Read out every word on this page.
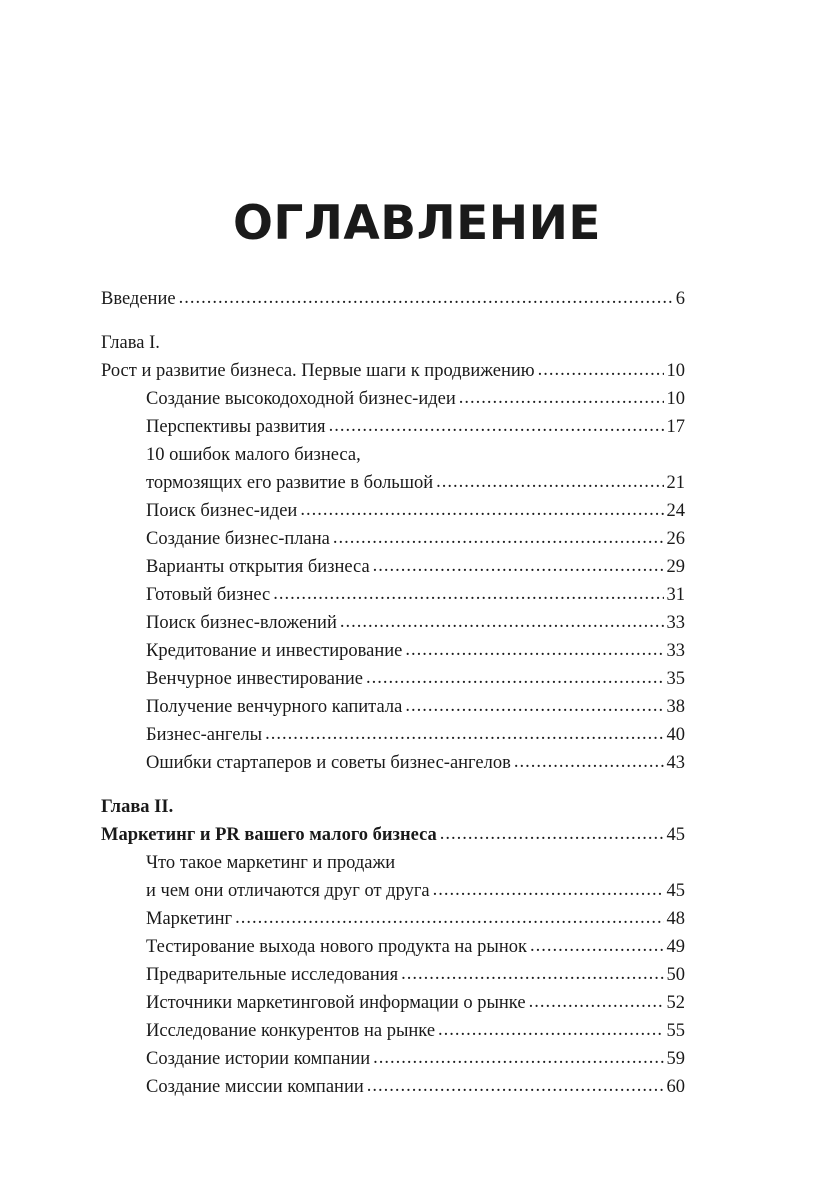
ОГЛАВЛЕНИЕ
Введение .....	6
Глава I.
Рост и развитие бизнеса. Первые шаги к продвижению .....	10
Создание высокодоходной бизнес-идеи .....	10
Перспективы развития .....	17
10 ошибок малого бизнеса,
тормозящих его развитие в большой .....	21
Поиск бизнес-идеи .....	24
Создание бизнес-плана .....	26
Варианты открытия бизнеса .....	29
Готовый бизнес .....	31
Поиск бизнес-вложений .....	33
Кредитование и инвестирование .....	33
Венчурное инвестирование .....	35
Получение венчурного капитала .....	38
Бизнес-ангелы .....	40
Ошибки стартаперов и советы бизнес-ангелов .....	43
Глава II.
Маркетинг и PR вашего малого бизнеса .....	45
Что такое маркетинг и продажи
и чем они отличаются друг от друга .....	45
Маркетинг .....	48
Тестирование выхода нового продукта на рынок .....	49
Предварительные исследования .....	50
Источники маркетинговой информации о рынке .....	52
Исследование конкурентов на рынке .....	55
Создание истории компании .....	59
Создание миссии компании .....	60
